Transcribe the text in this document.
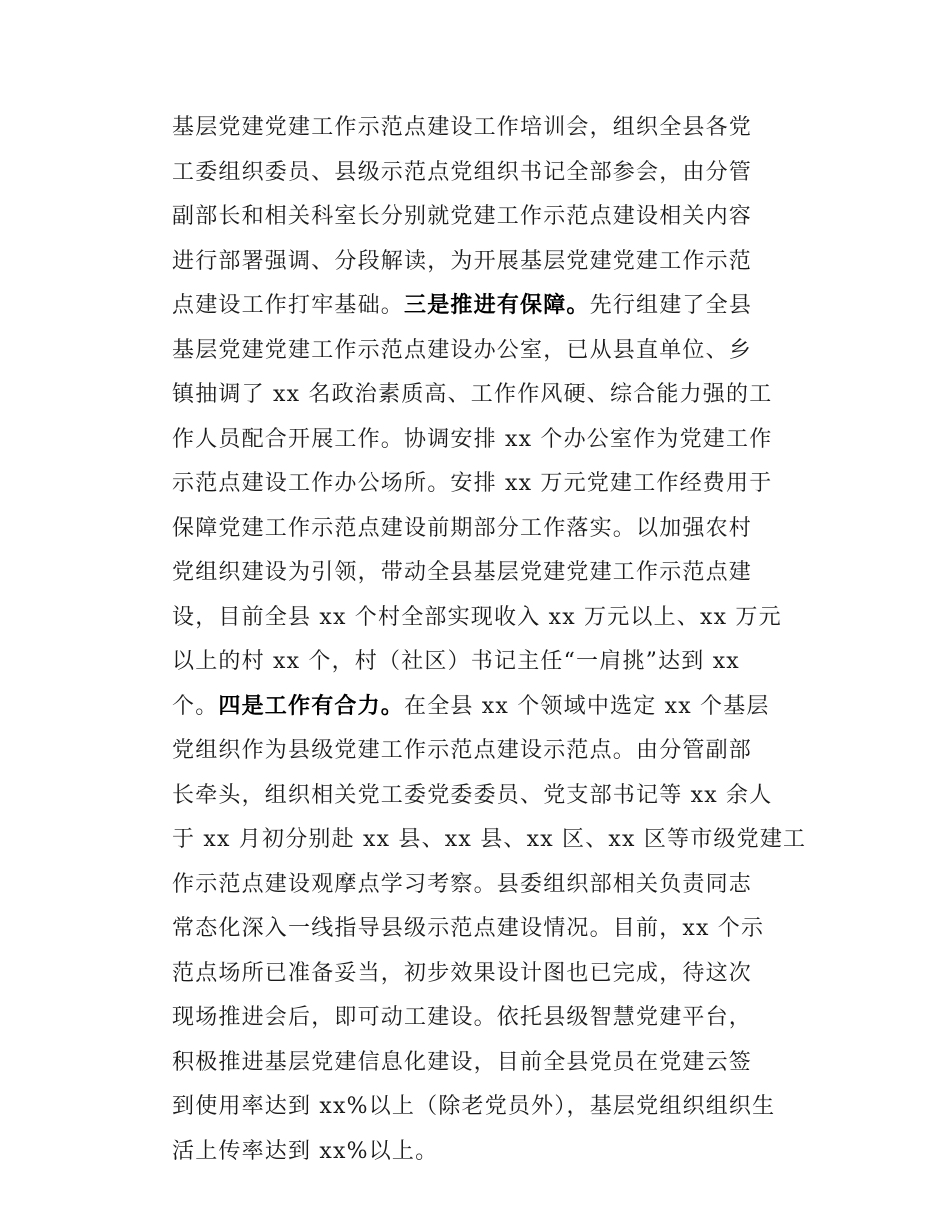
基层党建党建工作示范点建设工作培训会，组织全县各党
工委组织委员、县级示范点党组织书记全部参会，由分管
副部长和相关科室长分别就党建工作示范点建设相关内容
进行部署强调、分段解读，为开展基层党建党建工作示范
点建设工作打牢基础。三是推进有保障。先行组建了全县
基层党建党建工作示范点建设办公室，已从县直单位、乡
镇抽调了 xx 名政治素质高、工作作风硬、综合能力强的工
作人员配合开展工作。协调安排 xx 个办公室作为党建工作
示范点建设工作办公场所。安排 xx 万元党建工作经费用于
保障党建工作示范点建设前期部分工作落实。以加强农村
党组织建设为引领，带动全县基层党建党建工作示范点建
设，目前全县 xx 个村全部实现收入 xx 万元以上、xx 万元
以上的村 xx 个，村（社区）书记主任“一肩挑”达到 xx
个。四是工作有合力。在全县 xx 个领域中选定 xx 个基层
党组织作为县级党建工作示范点建设示范点。由分管副部
长牵头，组织相关党工委党委委员、党支部书记等 xx 余人
于 xx 月初分别赴 xx 县、xx 县、xx 区、xx 区等市级党建工
作示范点建设观摩点学习考察。县委组织部相关负责同志
常态化深入一线指导县级示范点建设情况。目前，xx 个示
范点场所已准备妥当，初步效果设计图也已完成，待这次
现场推进会后，即可动工建设。依托县级智慧党建平台，
积极推进基层党建信息化建设，目前全县党员在党建云签
到使用率达到 xx%以上（除老党员外），基层党组织组织生
活上传率达到 xx%以上。
